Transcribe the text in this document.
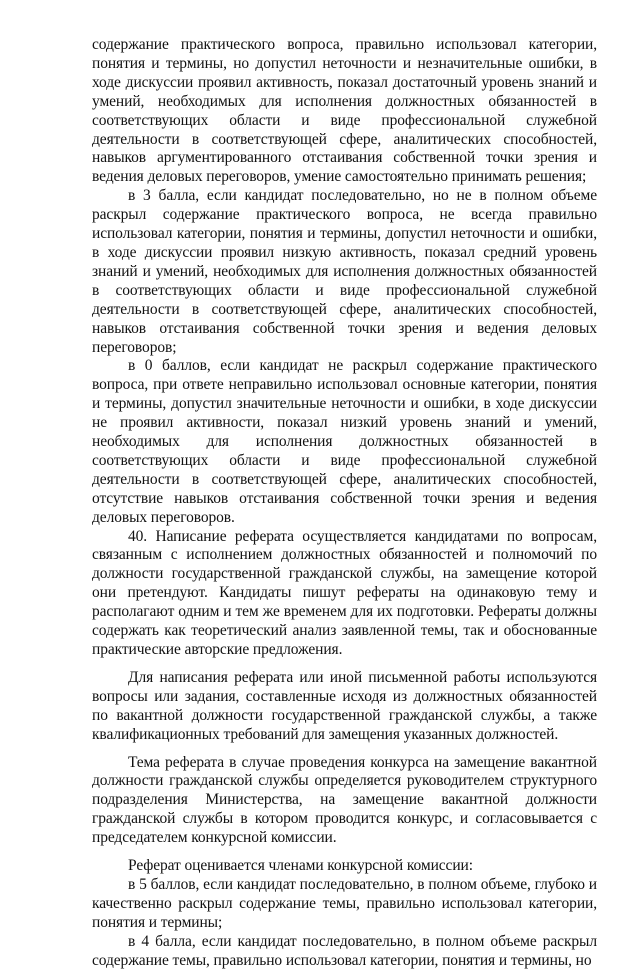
содержание практического вопроса, правильно использовал категории, понятия и термины, но допустил неточности и незначительные ошибки, в ходе дискуссии проявил активность, показал достаточный уровень знаний и умений, необходимых для исполнения должностных обязанностей в соответствующих области и виде профессиональной служебной деятельности в соответствующей сфере, аналитических способностей, навыков аргументированного отстаивания собственной точки зрения и ведения деловых переговоров, умение самостоятельно принимать решения;

в 3 балла, если кандидат последовательно, но не в полном объеме раскрыл содержание практического вопроса, не всегда правильно использовал категории, понятия и термины, допустил неточности и ошибки, в ходе дискуссии проявил низкую активность, показал средний уровень знаний и умений, необходимых для исполнения должностных обязанностей в соответствующих области и виде профессиональной служебной деятельности в соответствующей сфере, аналитических способностей, навыков отстаивания собственной точки зрения и ведения деловых переговоров;

в 0 баллов, если кандидат не раскрыл содержание практического вопроса, при ответе неправильно использовал основные категории, понятия и термины, допустил значительные неточности и ошибки, в ходе дискуссии не проявил активности, показал низкий уровень знаний и умений, необходимых для исполнения должностных обязанностей в соответствующих области и виде профессиональной служебной деятельности в соответствующей сфере, аналитических способностей, отсутствие навыков отстаивания собственной точки зрения и ведения деловых переговоров.

40. Написание реферата осуществляется кандидатами по вопросам, связанным с исполнением должностных обязанностей и полномочий по должности государственной гражданской службы, на замещение которой они претендуют. Кандидаты пишут рефераты на одинаковую тему и располагают одним и тем же временем для их подготовки. Рефераты должны содержать как теоретический анализ заявленной темы, так и обоснованные практические авторские предложения.

Для написания реферата или иной письменной работы используются вопросы или задания, составленные исходя из должностных обязанностей по вакантной должности государственной гражданской службы, а также квалификационных требований для замещения указанных должностей.

Тема реферата в случае проведения конкурса на замещение вакантной должности гражданской службы определяется руководителем структурного подразделения Министерства, на замещение вакантной должности гражданской службы в котором проводится конкурс, и согласовывается с председателем конкурсной комиссии.

Реферат оценивается членами конкурсной комиссии:

в 5 баллов, если кандидат последовательно, в полном объеме, глубоко и качественно раскрыл содержание темы, правильно использовал категории, понятия и термины;

в 4 балла, если кандидат последовательно, в полном объеме раскрыл содержание темы, правильно использовал категории, понятия и термины, но
